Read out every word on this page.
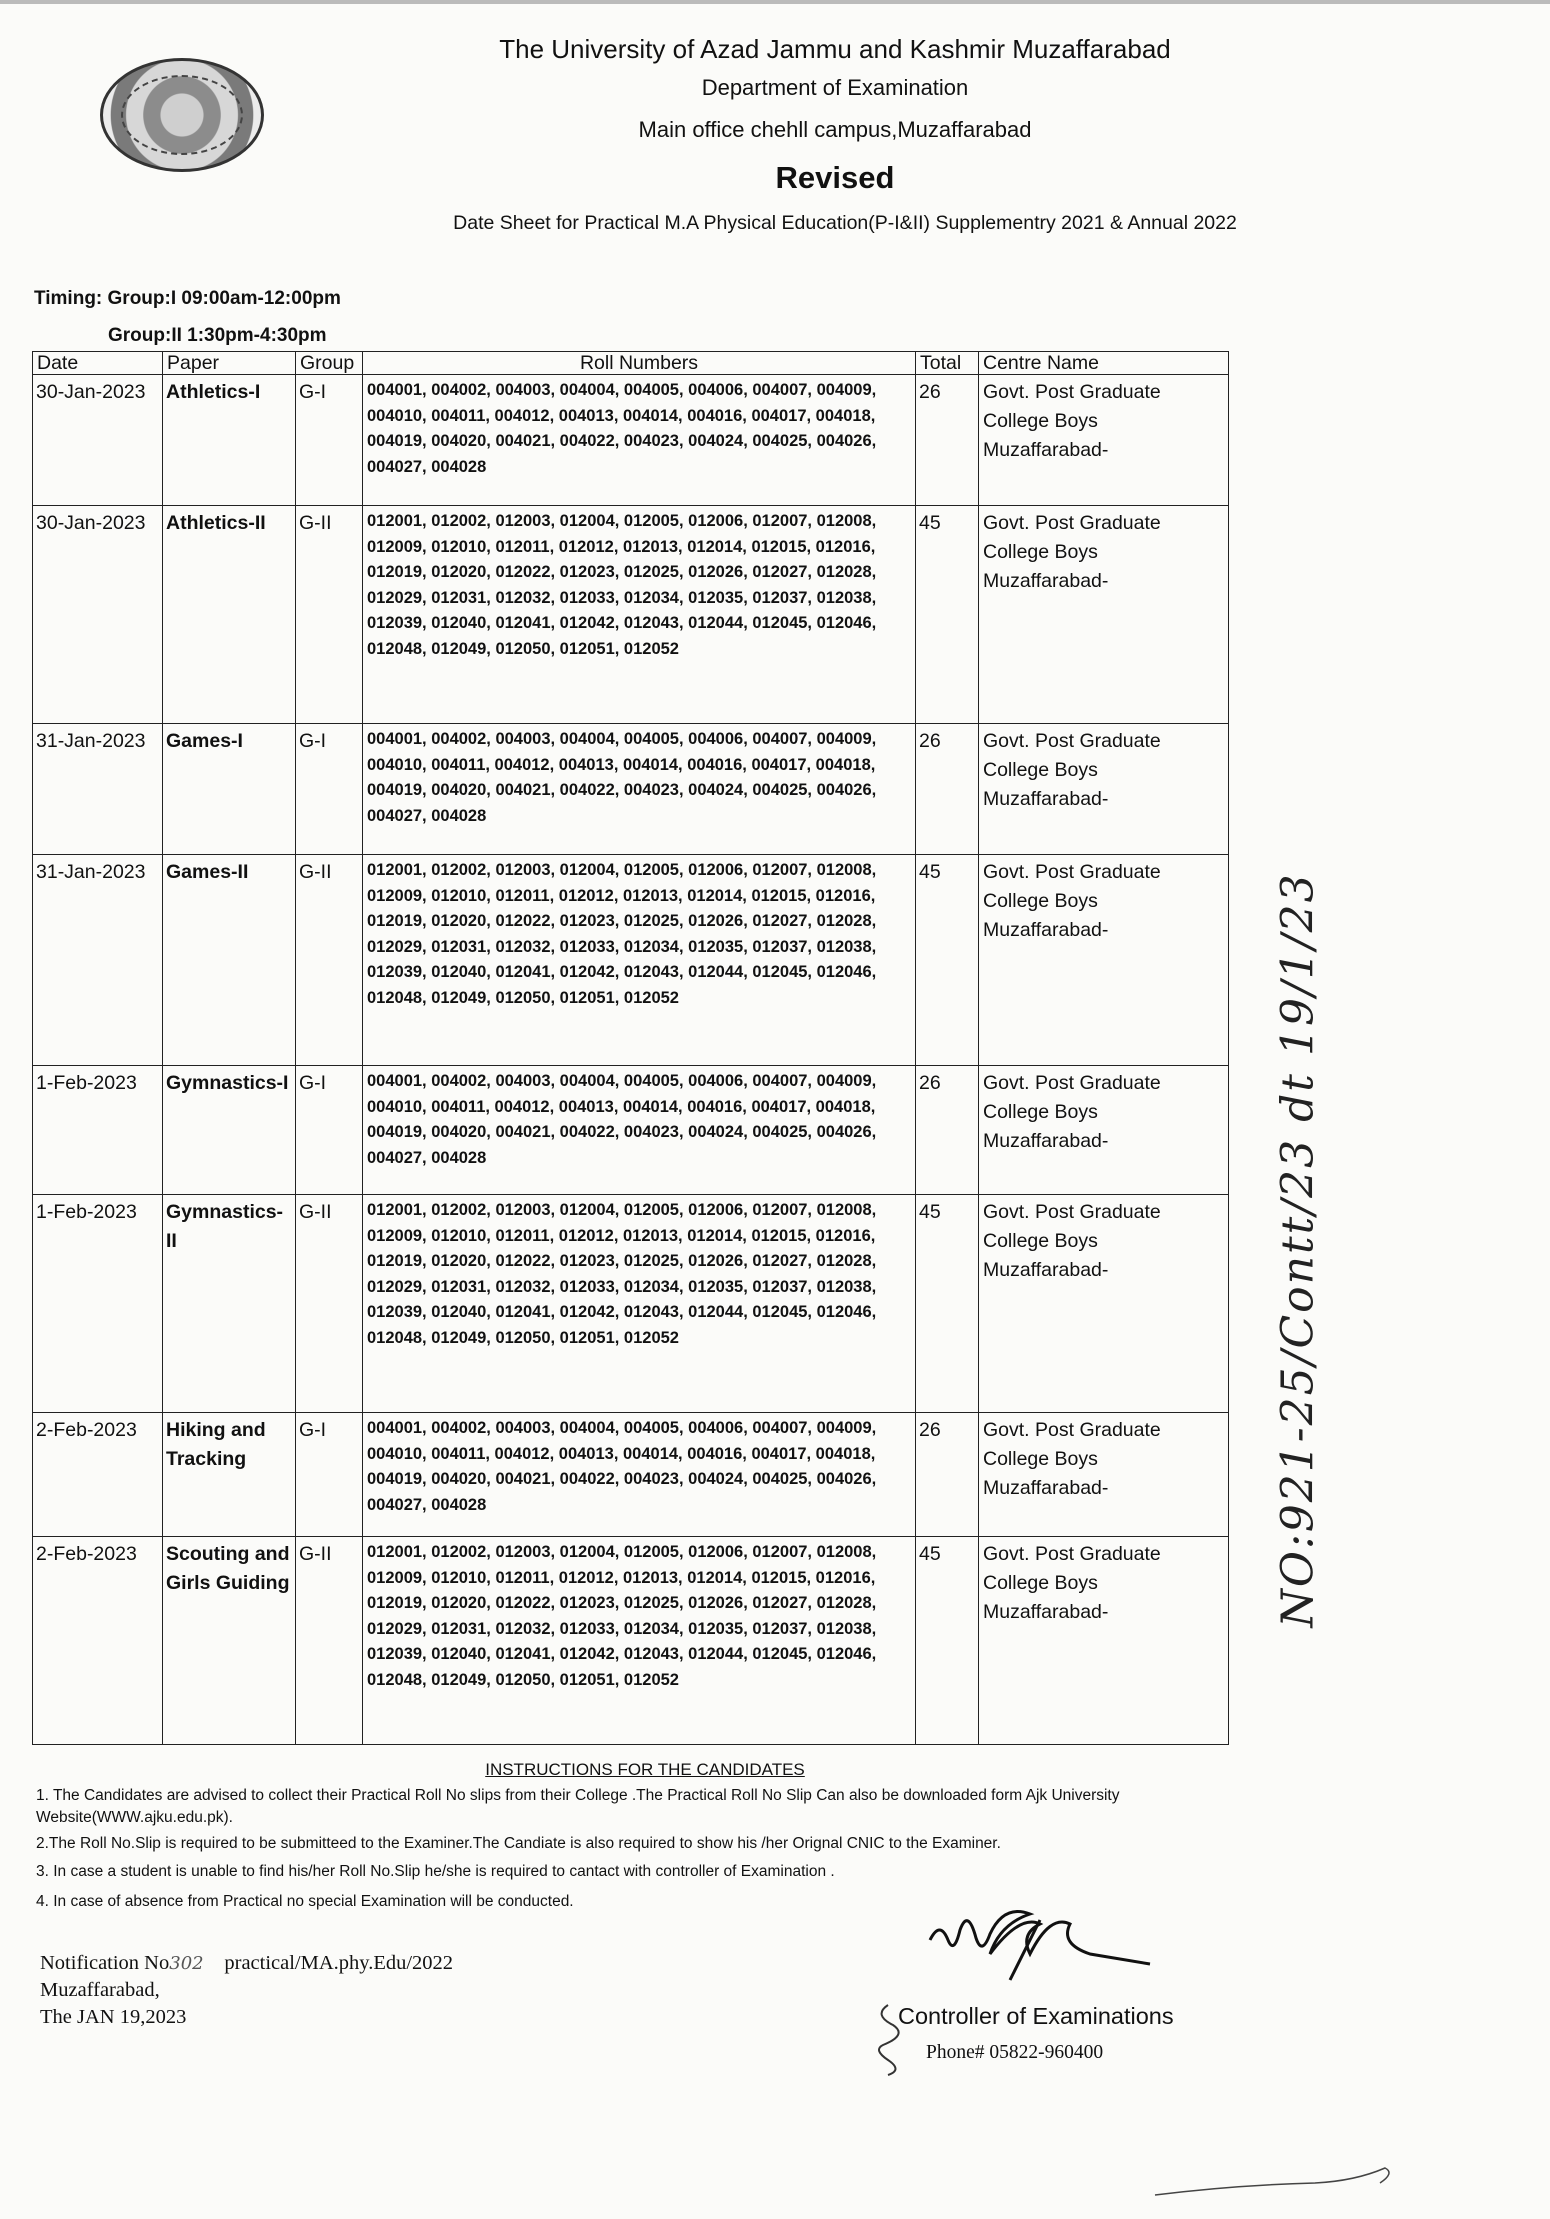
The University of Azad Jammu and Kashmir Muzaffarabad
Department of Examination
Main office chehll campus,Muzaffarabad
Revised
Date Sheet for Practical M.A Physical Education(P-I&II) Supplementry 2021 & Annual 2022
Timing: Group:I 09:00am-12:00pm
Group:II 1:30pm-4:30pm
Date	Paper	Group	Roll Numbers	Total	Centre Name
30-Jan-2023	Athletics-I	G-I	004001, 004002, 004003, 004004, 004005, 004006, 004007, 004009, 004010, 004011, 004012, 004013, 004014, 004016, 004017, 004018, 004019, 004020, 004021, 004022, 004023, 004024, 004025, 004026, 004027, 004028	26	Govt. Post Graduate College Boys Muzaffarabad-
30-Jan-2023	Athletics-II	G-II	012001, 012002, 012003, 012004, 012005, 012006, 012007, 012008, 012009, 012010, 012011, 012012, 012013, 012014, 012015, 012016, 012019, 012020, 012022, 012023, 012025, 012026, 012027, 012028, 012029, 012031, 012032, 012033, 012034, 012035, 012037, 012038, 012039, 012040, 012041, 012042, 012043, 012044, 012045, 012046, 012048, 012049, 012050, 012051, 012052	45	Govt. Post Graduate College Boys Muzaffarabad-
31-Jan-2023	Games-I	G-I	004001, 004002, 004003, 004004, 004005, 004006, 004007, 004009, 004010, 004011, 004012, 004013, 004014, 004016, 004017, 004018, 004019, 004020, 004021, 004022, 004023, 004024, 004025, 004026, 004027, 004028	26	Govt. Post Graduate College Boys Muzaffarabad-
31-Jan-2023	Games-II	G-II	012001, 012002, 012003, 012004, 012005, 012006, 012007, 012008, 012009, 012010, 012011, 012012, 012013, 012014, 012015, 012016, 012019, 012020, 012022, 012023, 012025, 012026, 012027, 012028, 012029, 012031, 012032, 012033, 012034, 012035, 012037, 012038, 012039, 012040, 012041, 012042, 012043, 012044, 012045, 012046, 012048, 012049, 012050, 012051, 012052	45	Govt. Post Graduate College Boys Muzaffarabad-
1-Feb-2023	Gymnastics-I	G-I	004001, 004002, 004003, 004004, 004005, 004006, 004007, 004009, 004010, 004011, 004012, 004013, 004014, 004016, 004017, 004018, 004019, 004020, 004021, 004022, 004023, 004024, 004025, 004026, 004027, 004028	26	Govt. Post Graduate College Boys Muzaffarabad-
1-Feb-2023	Gymnastics-II	G-II	012001, 012002, 012003, 012004, 012005, 012006, 012007, 012008, 012009, 012010, 012011, 012012, 012013, 012014, 012015, 012016, 012019, 012020, 012022, 012023, 012025, 012026, 012027, 012028, 012029, 012031, 012032, 012033, 012034, 012035, 012037, 012038, 012039, 012040, 012041, 012042, 012043, 012044, 012045, 012046, 012048, 012049, 012050, 012051, 012052	45	Govt. Post Graduate College Boys Muzaffarabad-
2-Feb-2023	Hiking and Tracking	G-I	004001, 004002, 004003, 004004, 004005, 004006, 004007, 004009, 004010, 004011, 004012, 004013, 004014, 004016, 004017, 004018, 004019, 004020, 004021, 004022, 004023, 004024, 004025, 004026, 004027, 004028	26	Govt. Post Graduate College Boys Muzaffarabad-
2-Feb-2023	Scouting and Girls Guiding	G-II	012001, 012002, 012003, 012004, 012005, 012006, 012007, 012008, 012009, 012010, 012011, 012012, 012013, 012014, 012015, 012016, 012019, 012020, 012022, 012023, 012025, 012026, 012027, 012028, 012029, 012031, 012032, 012033, 012034, 012035, 012037, 012038, 012039, 012040, 012041, 012042, 012043, 012044, 012045, 012046, 012048, 012049, 012050, 012051, 012052	45	Govt. Post Graduate College Boys Muzaffarabad-
INSTRUCTIONS FOR THE CANDIDATES
1. The Candidates are advised to collect their Practical Roll No slips from their College .The Practical Roll No Slip Can also be downloaded form Ajk University Website(WWW.ajku.edu.pk).
2.The Roll No.Slip is required to be submitteed to the Examiner.The Candiate is also required to show his /her Orignal CNIC to the Examiner.
3. In case a student is unable to find his/her Roll No.Slip he/she is required to cantact with controller of Examination .
4. In case of absence from Practical no special Examination will be conducted.
Notification No302 practical/MA.phy.Edu/2022
Muzaffarabad,
The JAN 19,2023	Controller of Examinations
Phone# 05822-960400
NO:921-25/Contt/23 dt 19/1/23
